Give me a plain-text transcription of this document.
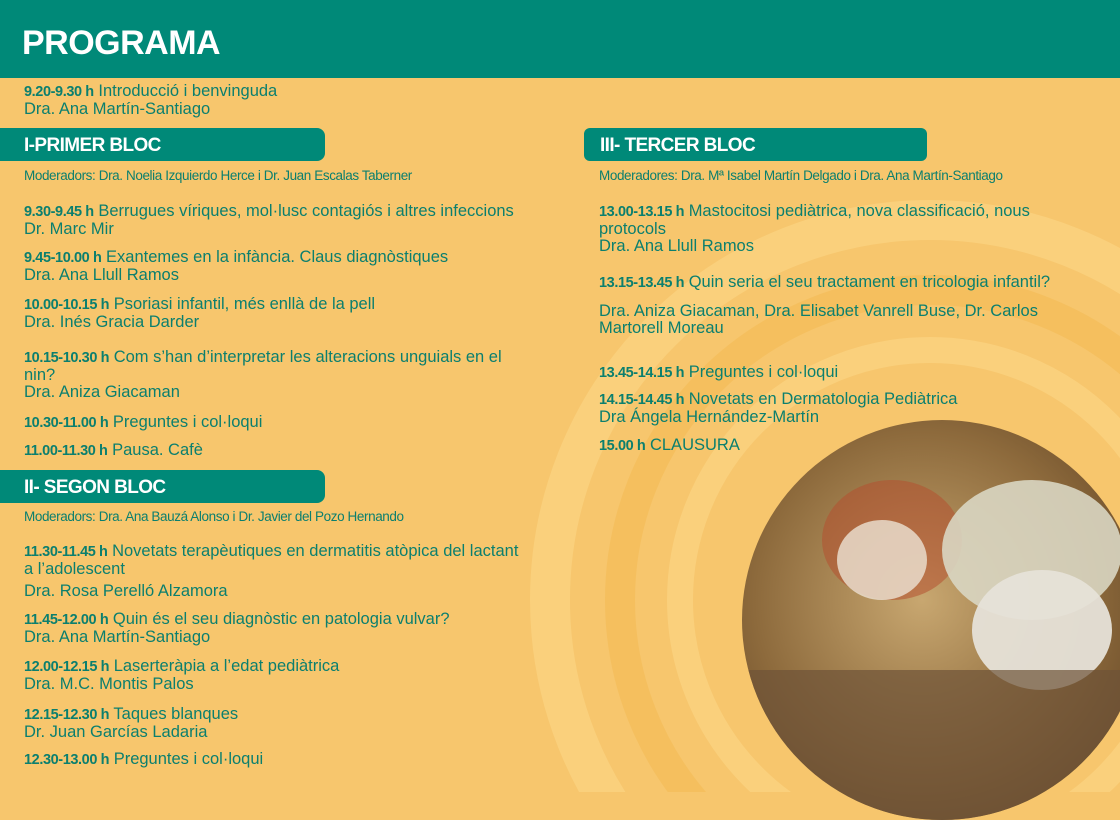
PROGRAMA
9.20-9.30 h Introducció i benvinguda
Dra. Ana Martín-Santiago
I-PRIMER BLOC
Moderadors: Dra. Noelia Izquierdo Herce i Dr. Juan Escalas Taberner
9.30-9.45 h Berrugues víriques, mol·lusc contagiós i altres infeccions
Dr. Marc Mir
9.45-10.00 h Exantemes en la infància. Claus diagnòstiques
Dra. Ana Llull Ramos
10.00-10.15 h Psoriasi infantil, més enllà de la pell
Dra. Inés Gracia Darder
10.15-10.30 h Com s’han d’interpretar les alteracions unguials en el nin?
Dra. Aniza Giacaman
10.30-11.00 h Preguntes i col·loqui
11.00-11.30 h Pausa. Cafè
II- SEGON BLOC
Moderadors: Dra. Ana Bauzá Alonso i Dr. Javier del Pozo Hernando
11.30-11.45 h Novetats terapèutiques en dermatitis atòpica del lactant a l’adolescent
Dra. Rosa Perelló Alzamora
11.45-12.00 h Quin és el seu diagnòstic en patologia vulvar?
Dra. Ana Martín-Santiago
12.00-12.15 h Laserteràpia a l’edat pediàtrica
Dra. M.C. Montis Palos
12.15-12.30 h Taques blanques
Dr. Juan Garcías Ladaria
12.30-13.00 h Preguntes i col·loqui
III- TERCER BLOC
Moderadores: Dra. Mª Isabel Martín Delgado i Dra. Ana Martín-Santiago
13.00-13.15 h Mastocitosi pediàtrica, nova classificació, nous protocols
Dra. Ana Llull Ramos
13.15-13.45 h Quin seria el seu tractament en tricologia infantil?
Dra. Aniza Giacaman, Dra. Elisabet Vanrell Buse, Dr. Carlos Martorell Moreau
13.45-14.15 h Preguntes i col·loqui
14.15-14.45 h Novetats en Dermatologia Pediàtrica
Dra Ángela Hernández-Martín
15.00 h CLAUSURA
